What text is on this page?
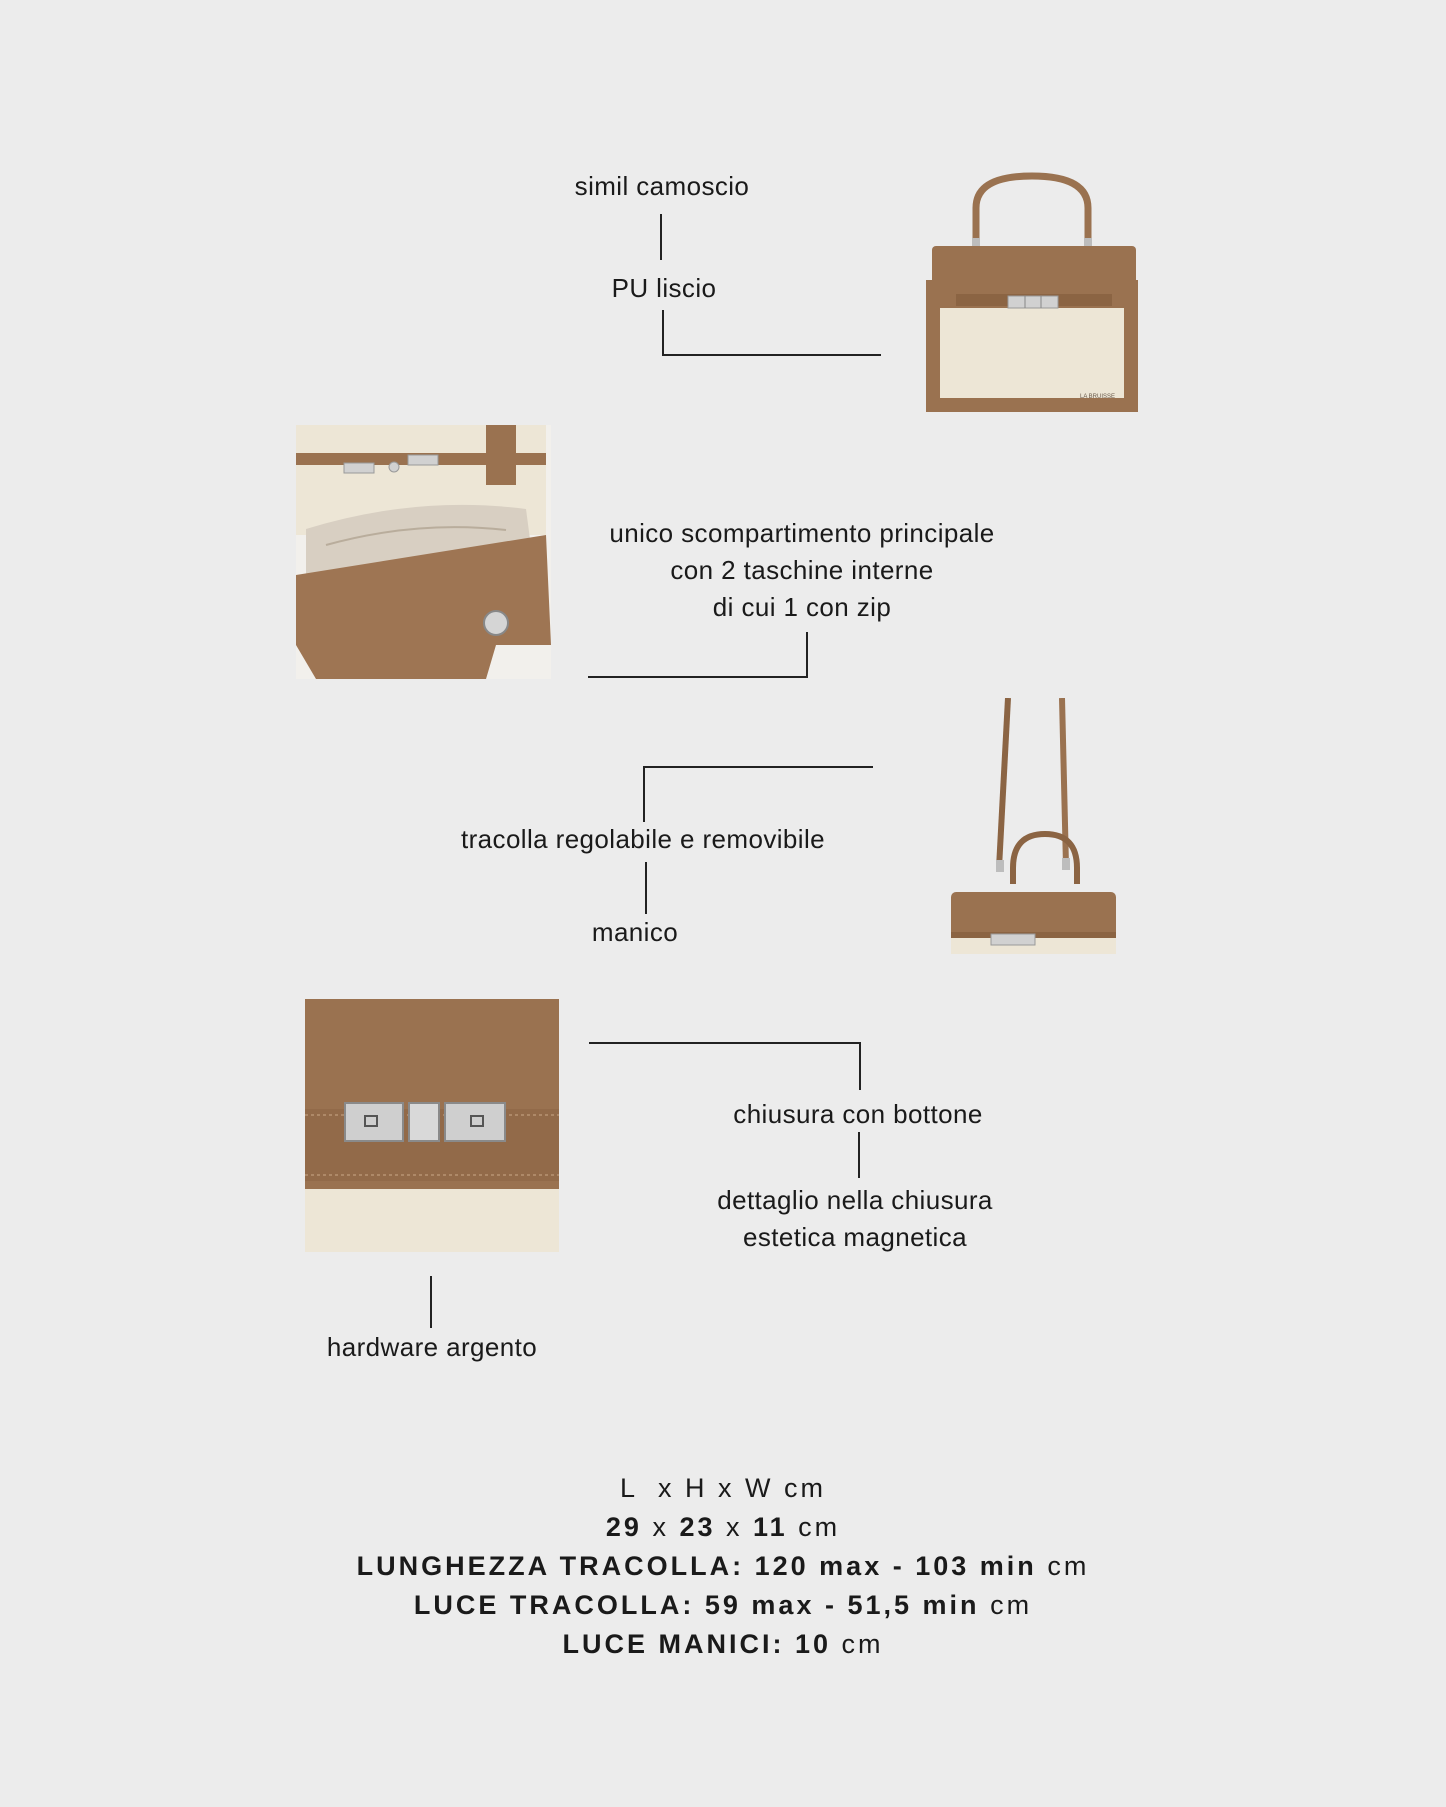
simil camoscio
PU liscio
LA BRUISSE
unico scompartimento principale
con 2 taschine interne
di cui 1 con zip
tracolla regolabile e removibile
manico
chiusura con bottone
dettaglio nella chiusura
estetica magnetica
hardware argento
L  x H x W cm
29 x 23 x 11 cm
LUNGHEZZA TRACOLLA: 120 max - 103 min cm
LUCE TRACOLLA: 59 max - 51,5 min cm
LUCE MANICI: 10 cm
